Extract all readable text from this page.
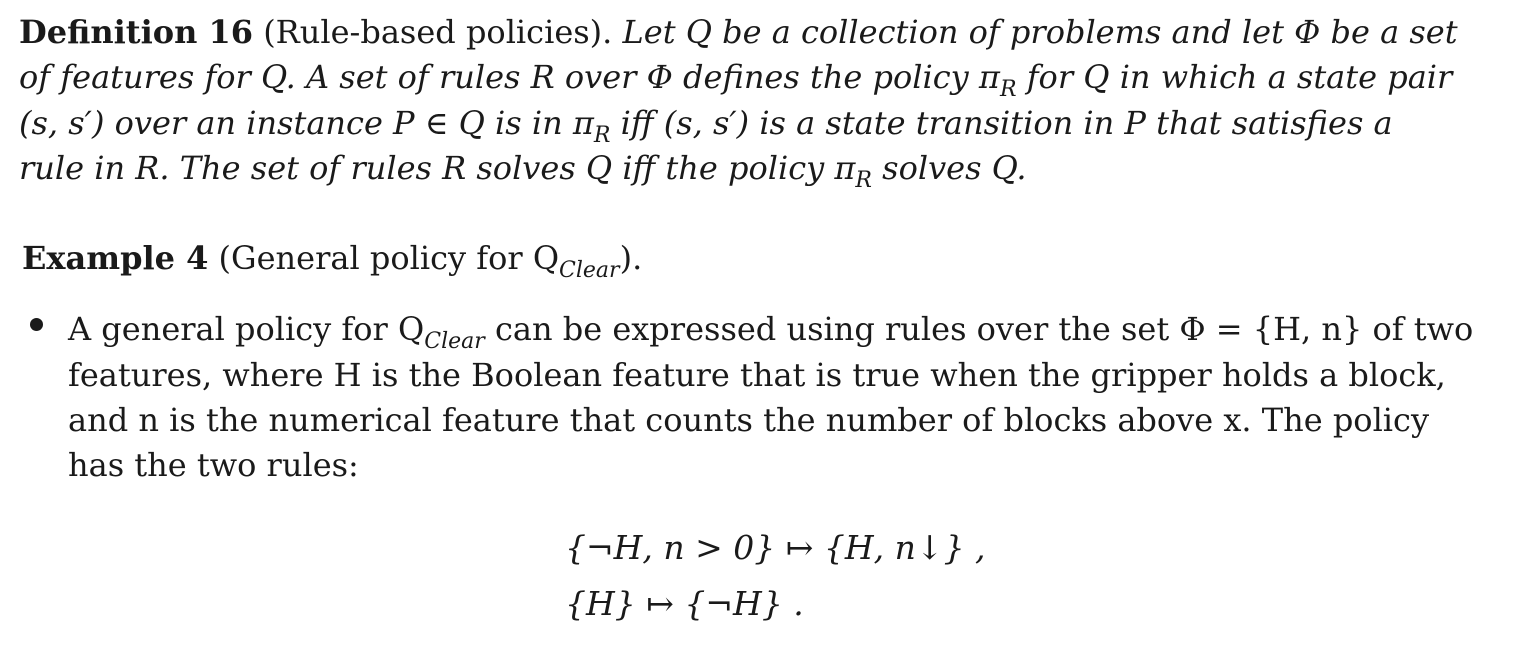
Definition 16 (Rule-based policies). Let Q be a collection of problems and let Φ be a set
of features for Q. A set of rules R over Φ defines the policy $\pi_R$ for Q in which a state pair
(s, s′) over an instance P ∈ Q is in $\pi_R$ iff (s, s′) is a state transition in P that satisfies a
rule in R. The set of rules R solves Q iff the policy $\pi_R$ solves Q.
Example 4 (General policy for $Q_{Clear}$).
A general policy for $Q_{Clear}$ can be expressed using rules over the set Φ = {H, n} of two
features, where H is the Boolean feature that is true when the gripper holds a block,
and n is the numerical feature that counts the number of blocks above x. The policy
has the two rules:
{¬H, n > 0} ↦ {H, n↓} ,
{H} ↦ {¬H} .
